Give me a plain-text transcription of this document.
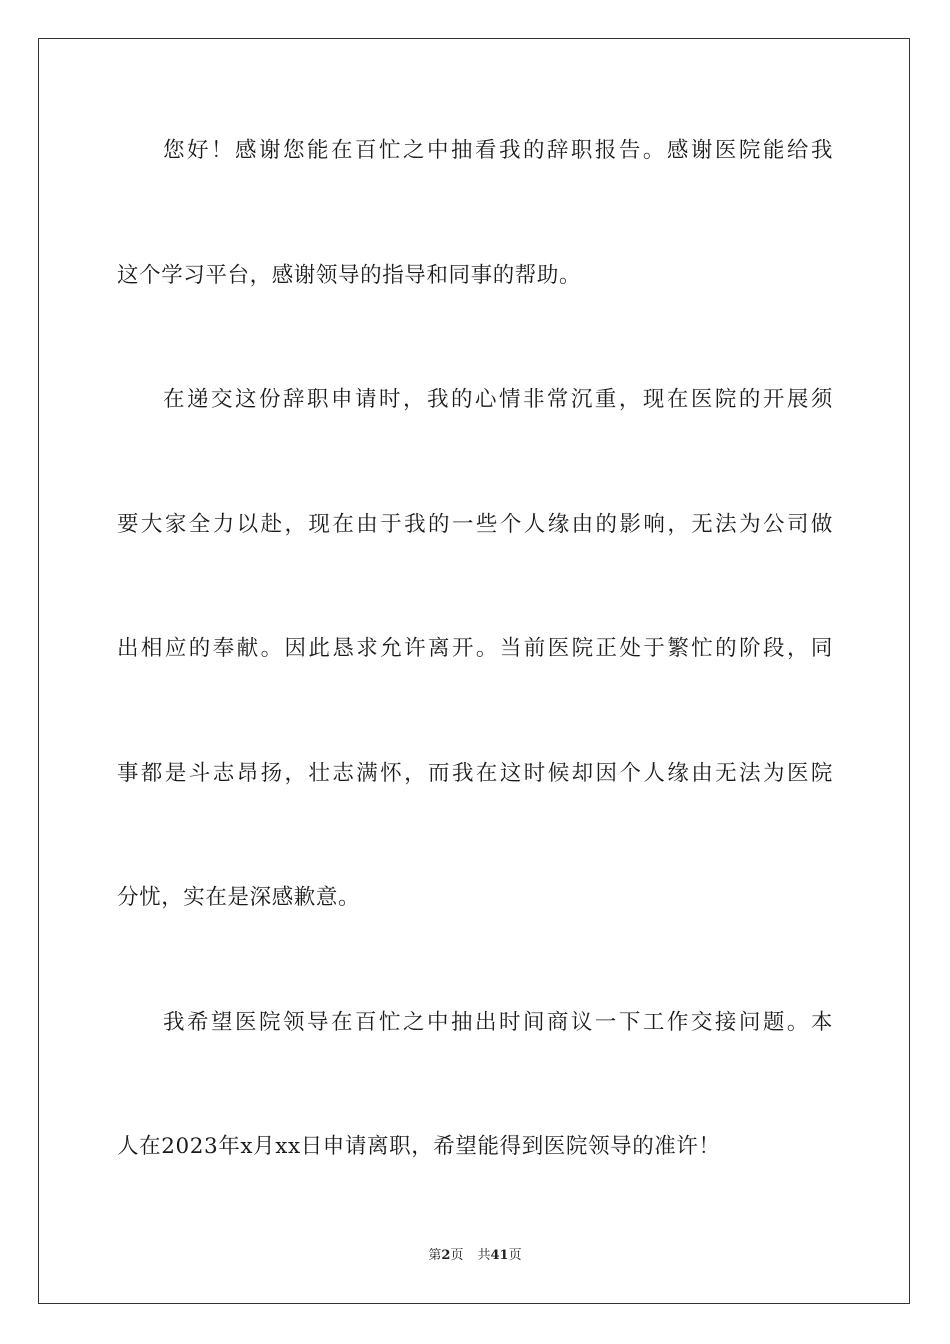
您好！感谢您能在百忙之中抽看我的辞职报告。感谢医院能给我
这个学习平台，感谢领导的指导和同事的帮助。
在递交这份辞职申请时，我的心情非常沉重，现在医院的开展须
要大家全力以赴，现在由于我的一些个人缘由的影响，无法为公司做
出相应的奉献。因此恳求允许离开。当前医院正处于繁忙的阶段，同
事都是斗志昂扬，壮志满怀，而我在这时候却因个人缘由无法为医院
分忧，实在是深感歉意。
我希望医院领导在百忙之中抽出时间商议一下工作交接问题。本
人在2023年x月xx日申请离职，希望能得到医院领导的准许！
第2页 共41页
